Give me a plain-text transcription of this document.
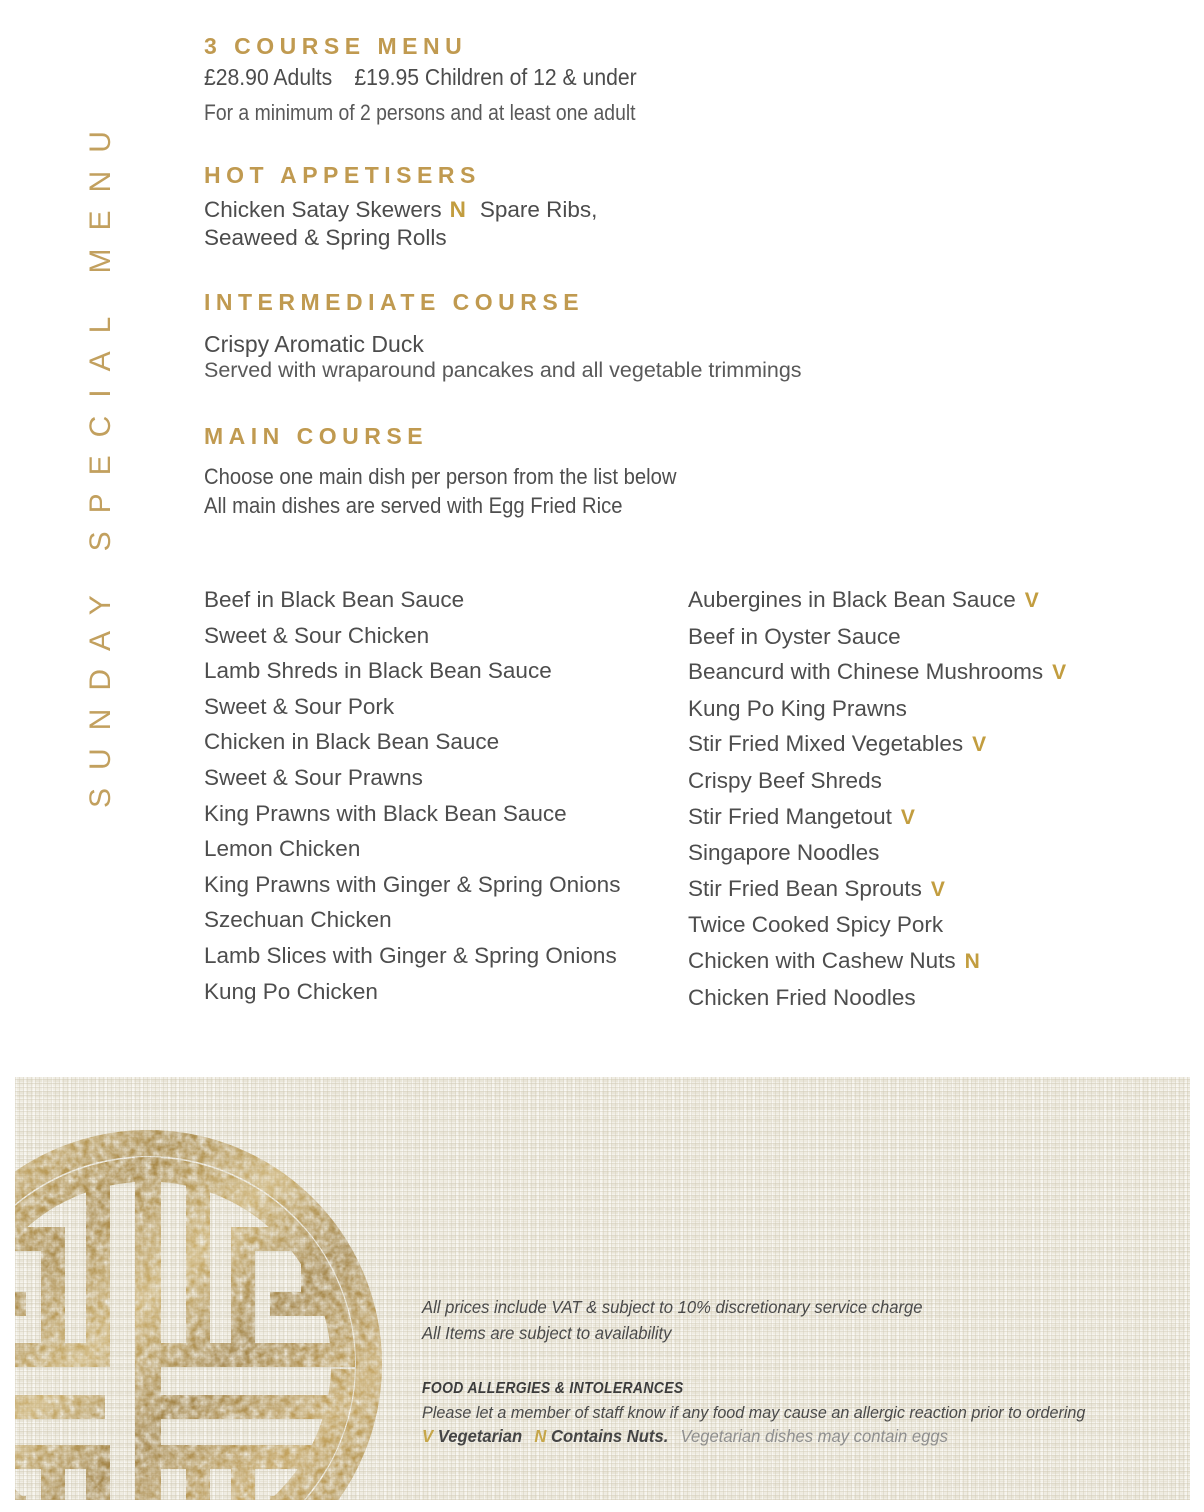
SUNDAY SPECIAL MENU
3 COURSE MENU
£28.90 Adults £19.95 Children of 12 & under
For a minimum of 2 persons and at least one adult
HOT APPETISERS
Chicken Satay Skewers N Spare Ribs,
Seaweed & Spring Rolls
INTERMEDIATE COURSE
Crispy Aromatic Duck
Served with wraparound pancakes and all vegetable trimmings
MAIN COURSE
Choose one main dish per person from the list below
All main dishes are served with Egg Fried Rice
Beef in Black Bean Sauce
Sweet & Sour Chicken
Lamb Shreds in Black Bean Sauce
Sweet & Sour Pork
Chicken in Black Bean Sauce
Sweet & Sour Prawns
King Prawns with Black Bean Sauce
Lemon Chicken
King Prawns with Ginger & Spring Onions
Szechuan Chicken
Lamb Slices with Ginger & Spring Onions
Kung Po Chicken
Aubergines in Black Bean Sauce V
Beef in Oyster Sauce
Beancurd with Chinese Mushrooms V
Kung Po King Prawns
Stir Fried Mixed Vegetables V
Crispy Beef Shreds
Stir Fried Mangetout V
Singapore Noodles
Stir Fried Bean Sprouts V
Twice Cooked Spicy Pork
Chicken with Cashew Nuts N
Chicken Fried Noodles
All prices include VAT & subject to 10% discretionary service charge
All Items are subject to availability
FOOD ALLERGIES & INTOLERANCES
Please let a member of staff know if any food may cause an allergic reaction prior to ordering
V Vegetarian N Contains Nuts. Vegetarian dishes may contain eggs
